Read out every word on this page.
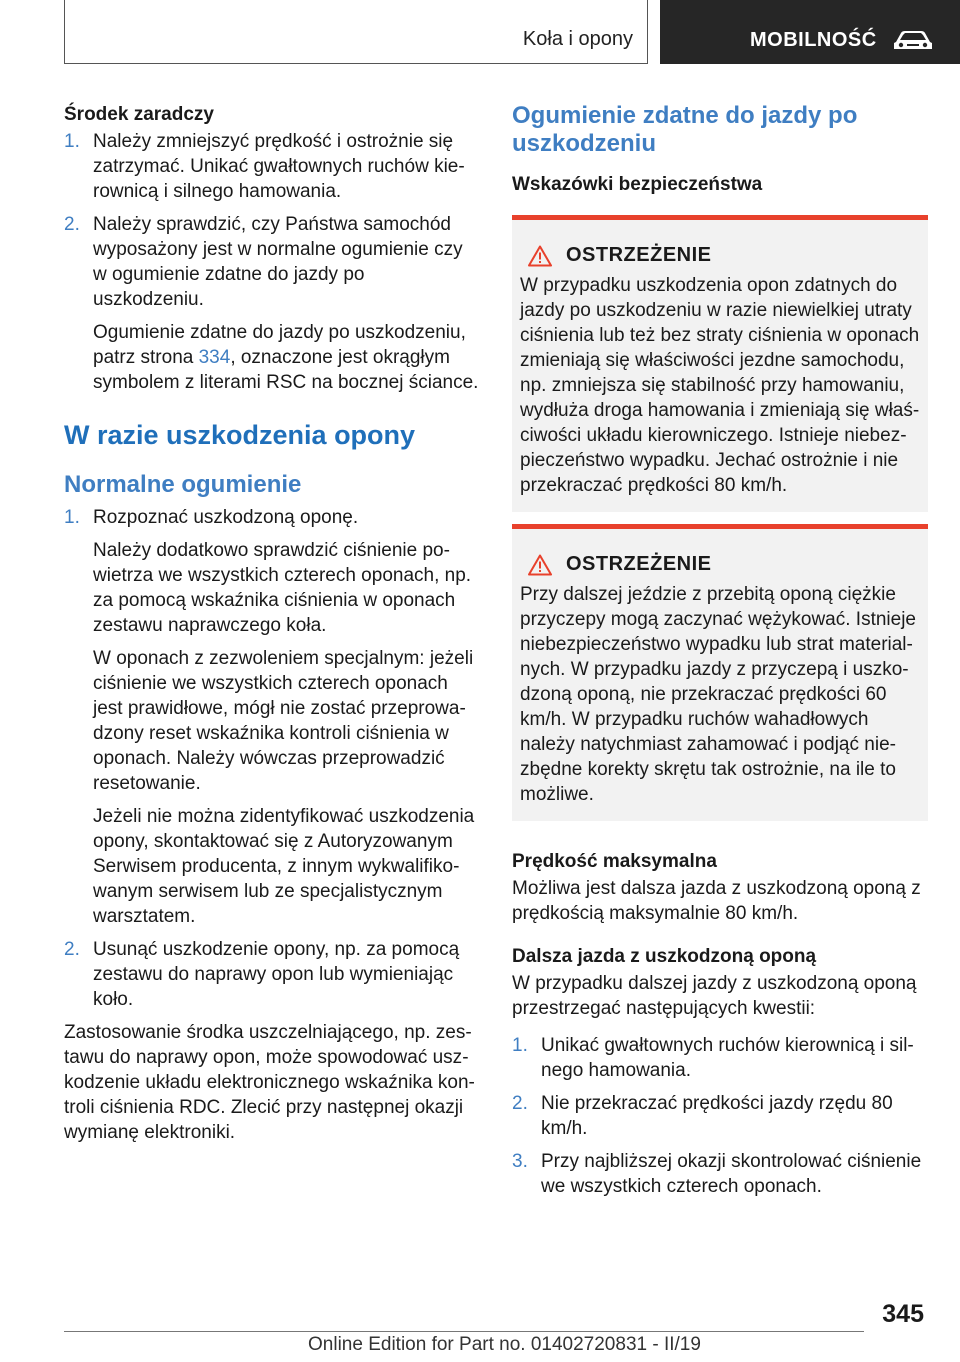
Koła i opony	MOBILNOŚĆ

Środek zaradczy

1. Należy zmniejszyć prędkość i ostrożnie się zatrzymać. Unikać gwałtownych ruchów kierownicą i silnego hamowania.

2. Należy sprawdzić, czy Państwa samochód wyposażony jest w normalne ogumienie czy w ogumienie zdatne do jazdy po uszkodzeniu.

Ogumienie zdatne do jazdy po uszkodzeniu, patrz strona 334, oznaczone jest okrągłym symbolem z literami RSC na bocznej ściance.

W razie uszkodzenia opony
Normalne ogumienie
1. Rozpoznać uszkodzoną oponę.

Należy dodatkowo sprawdzić ciśnienie powietrza we wszystkich czterech oponach, np. za pomocą wskaźnika ciśnienia w oponach zestawu naprawczego koła.

W oponach z zezwoleniem specjalnym: jeżeli ciśnienie we wszystkich czterech oponach jest prawidłowe, mógł nie zostać przeprowadzony reset wskaźnika kontroli ciśnienia w oponach. Należy wówczas przeprowadzić resetowanie.

Jeżeli nie można zidentyfikować uszkodzenia opony, skontaktować się z Autoryzowanym Serwisem producenta, z innym wykwalifikowanym serwisem lub ze specjalistycznym warsztatem.

2. Usunąć uszkodzenie opony, np. za pomocą zestawu do naprawy opon lub wymieniając koło.

Zastosowanie środka uszczelniającego, np. zestawu do naprawy opon, może spowodować uszkodzenie układu elektronicznego wskaźnika kontroli ciśnienia RDC. Zlecić przy następnej okazji wymianę elektroniki.

Ogumienie zdatne do jazdy po uszkodzeniu

Wskazówki bezpieczeństwa

OSTRZEŻENIE

W przypadku uszkodzenia opon zdatnych do jazdy po uszkodzeniu w razie niewielkiej utraty ciśnienia lub też bez straty ciśnienia w oponach zmieniają się właściwości jezdne samochodu, np. zmniejsza się stabilność przy hamowaniu, wydłuża droga hamowania i zmieniają się właściwości układu kierowniczego. Istnieje niebezpieczeństwo wypadku. Jechać ostrożnie i nie przekraczać prędkości 80 km/h.

OSTRZEŻENIE

Przy dalszej jeździe z przebitą oponą ciężkie przyczepy mogą zaczynać wężykować. Istnieje niebezpieczeństwo wypadku lub strat materialnych. W przypadku jazdy z przyczepą i uszkodzoną oponą, nie przekraczać prędkości 60 km/h. W przypadku ruchów wahadłowych należy natychmiast zahamować i podjąć niezbędne korekty skrętu tak ostrożnie, na ile to możliwe.

Prędkość maksymalna

Możliwa jest dalsza jazda z uszkodzoną oponą z prędkością maksymalnie 80 km/h.

Dalsza jazda z uszkodzoną oponą

W przypadku dalszej jazdy z uszkodzoną oponą przestrzegać następujących kwestii:

1. Unikać gwałtownych ruchów kierownicą i silnego hamowania.

2. Nie przekraczać prędkości jazdy rzędu 80 km/h.

3. Przy najbliższej okazji skontrolować ciśnienie we wszystkich czterech oponach.

345
Online Edition for Part no. 01402720831 - II/19
